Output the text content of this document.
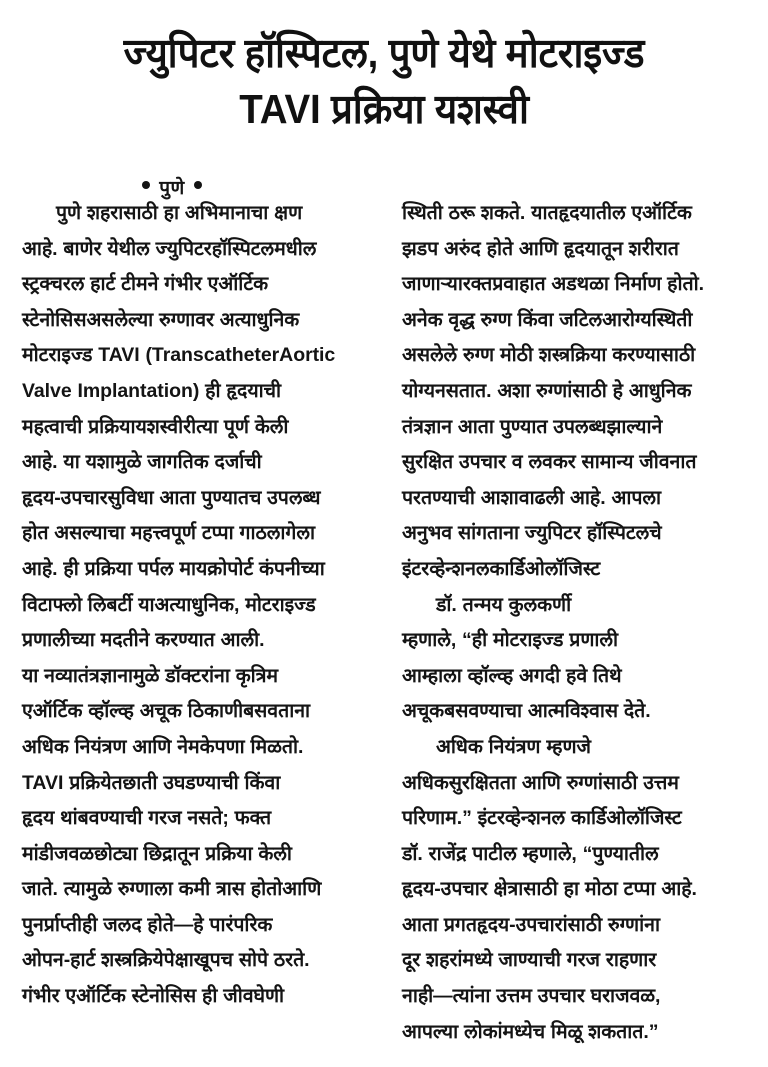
ज्युपिटर हॉस्पिटल, पुणे येथे मोटराइज्ड
TAVI प्रक्रिया यशस्वी
पुणे

पुणे शहरासाठी हा अभिमानाचा क्षण
आहे. बाणेर येथील ज्युपिटरहॉस्पिटलमधील
स्ट्रक्चरल हार्ट टीमने गंभीर एऑर्टिक
स्टेनोसिसअसलेल्या रुग्णावर अत्याधुनिक
मोटराइज्ड TAVI (TranscatheterAortic
Valve Implantation) ही हृदयाची
महत्वाची प्रक्रियायशस्वीरीत्या पूर्ण केली
आहे. या यशामुळे जागतिक दर्जाची
हृदय-उपचारसुविधा आता पुण्यातच उपलब्ध
होत असल्याचा महत्त्वपूर्ण टप्पा गाठलागेला
आहे. ही प्रक्रिया पर्पल मायक्रोपोर्ट कंपनीच्या
विटाफ्लो लिबर्टी याअत्याधुनिक, मोटराइज्ड
प्रणालीच्या मदतीने करण्यात आली.
या नव्यातंत्रज्ञानामुळे डॉक्टरांना कृत्रिम
एऑर्टिक व्हॉल्व्ह अचूक ठिकाणीबसवताना
अधिक नियंत्रण आणि नेमकेपणा मिळतो.
TAVI प्रक्रियेतछाती उघडण्याची किंवा
हृदय थांबवण्याची गरज नसते; फक्त
मांडीजवळछोट्या छिद्रातून प्रक्रिया केली
जाते. त्यामुळे रुग्णाला कमी त्रास होतोआणि
पुनर्प्राप्तीही जलद होते—हे पारंपरिक
ओपन-हार्ट शस्त्रक्रियेपेक्षाखूपच सोपे ठरते.
गंभीर एऑर्टिक स्टेनोसिस ही जीवघेणी

स्थिती ठरू शकते. यातहृदयातील एऑर्टिक
झडप अरुंद होते आणि हृदयातून शरीरात
जाणाऱ्यारक्तप्रवाहात अडथळा निर्माण होतो.
अनेक वृद्ध रुग्ण किंवा जटिलआरोग्यस्थिती
असलेले रुग्ण मोठी शस्त्रक्रिया करण्यासाठी
योग्यनसतात. अशा रुग्णांसाठी हे आधुनिक
तंत्रज्ञान आता पुण्यात उपलब्धझाल्याने
सुरक्षित उपचार व लवकर सामान्य जीवनात
परतण्याची आशावाढली आहे. आपला
अनुभव सांगताना ज्युपिटर हॉस्पिटलचे
इंटरव्हेन्शनलकार्डिओलॉजिस्ट
डॉ. तन्मय कुलकर्णी
म्हणाले, “ही मोटराइज्ड प्रणाली
आम्हाला व्हॉल्व्ह अगदी हवे तिथे
अचूकबसवण्याचा आत्मविश्वास देते.
अधिक नियंत्रण म्हणजे
अधिकसुरक्षितता आणि रुग्णांसाठी उत्तम
परिणाम.” इंटरव्हेन्शनल कार्डिओलॉजिस्ट
डॉ. राजेंद्र पाटील म्हणाले, “पुण्यातील
हृदय-उपचार क्षेत्रासाठी हा मोठा टप्पा आहे.
आता प्रगतहृदय-उपचारांसाठी रुग्णांना
दूर शहरांमध्ये जाण्याची गरज राहणार
नाही—त्यांना उत्तम उपचार घराजवळ,
आपल्या लोकांमध्येच मिळू शकतात.”
